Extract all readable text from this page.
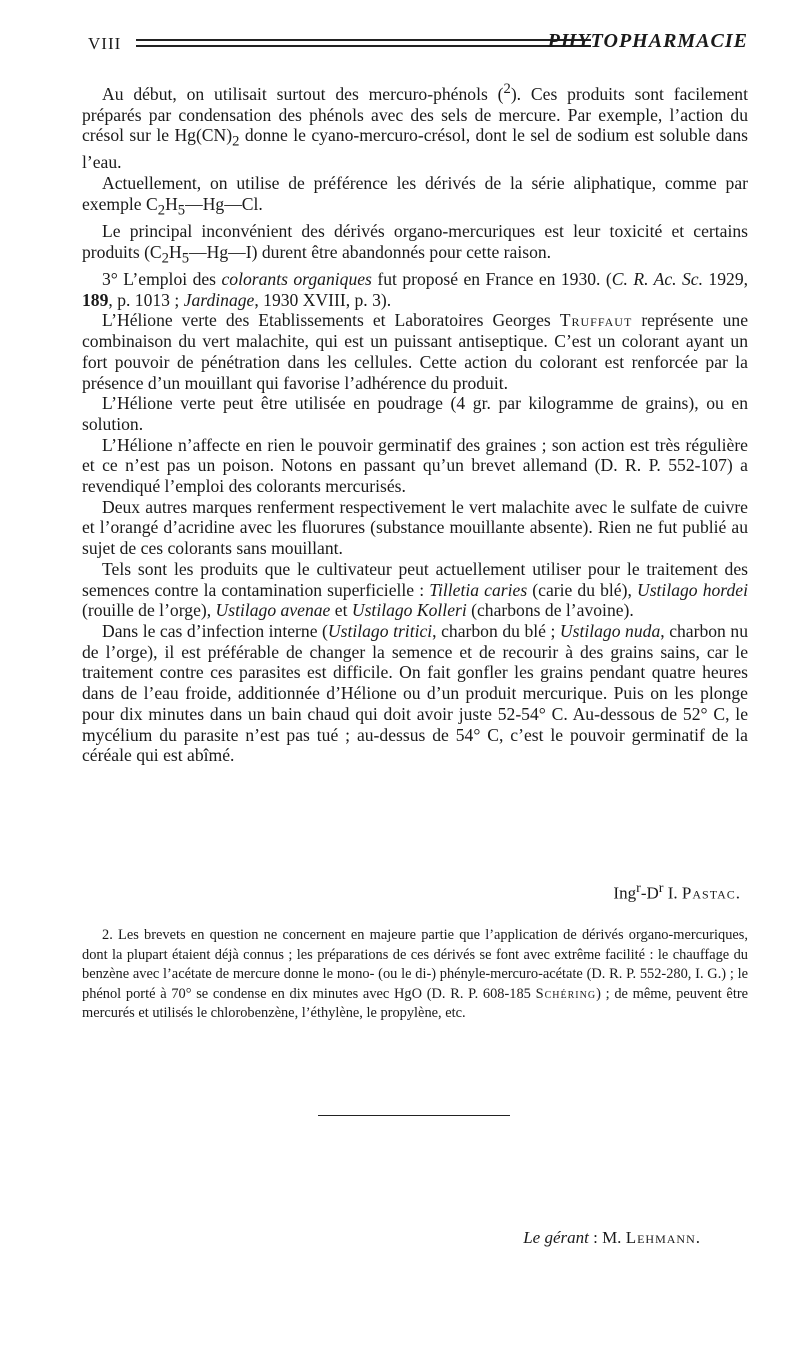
VIII	PHYTOPHARMACIE

Au début, on utilisait surtout des mercuro-phénols ($^2$). Ces produits sont facilement préparés par condensation des phénols avec des sels de mercure. Par exemple, l’action du crésol sur le $Hg(CN)_2$ donne le cyano-mercuro-crésol, dont le sel de sodium est soluble dans l’eau.

Actuellement, on utilise de préférence les dérivés de la série aliphatique, comme par exemple $C_2H_5—Hg—Cl$.

Le principal inconvénient des dérivés organo-mercuriques est leur toxicité et certains produits $(C_2H_5—Hg—I)$ durent être abandonnés pour cette raison.

3° L’emploi des colorants organiques fut proposé en France en 1930. (C. R. Ac. Sc. 1929, 189, p. 1013 ; Jardinage, 1930 XVIII, p. 3).

L’Hélione verte des Etablissements et Laboratoires Georges Truffaut représente une combinaison du vert malachite, qui est un puissant antiseptique. C’est un colorant ayant un fort pouvoir de pénétration dans les cellules. Cette action du colorant est renforcée par la présence d’un mouillant qui favorise l’adhérence du produit.

L’Hélione verte peut être utilisée en poudrage (4 gr. par kilogramme de grains), ou en solution.

L’Hélione n’affecte en rien le pouvoir germinatif des graines ; son action est très régulière et ce n’est pas un poison. Notons en passant qu’un brevet allemand (D. R. P. 552-107) a revendiqué l’emploi des colorants mercurisés.

Deux autres marques renferment respectivement le vert malachite avec le sulfate de cuivre et l’orangé d’acridine avec les fluorures (substance mouillante absente). Rien ne fut publié au sujet de ces colorants sans mouillant.

Tels sont les produits que le cultivateur peut actuellement utiliser pour le traitement des semences contre la contamination superficielle : Tilletia caries (carie du blé), Ustilago hordei (rouille de l’orge), Ustilago avenae et Ustilago Kolleri (charbons de l’avoine).

Dans le cas d’infection interne (Ustilago tritici, charbon du blé ; Ustilago nuda, charbon nu de l’orge), il est préférable de changer la semence et de recourir à des grains sains, car le traitement contre ces parasites est difficile. On fait gonfler les grains pendant quatre heures dans de l’eau froide, additionnée d’Hélione ou d’un produit mercurique. Puis on les plonge pour dix minutes dans un bain chaud qui doit avoir juste 52-54° C. Au-dessous de 52° C, le mycélium du parasite n’est pas tué ; au-dessus de 54° C, c’est le pouvoir germinatif de la céréale qui est abîmé.

$Ing^r-D^r$ I. Pastac.

2. Les brevets en question ne concernent en majeure partie que l’application de dérivés organo-mercuriques, dont la plupart étaient déjà connus ; les préparations de ces dérivés se font avec extrême facilité : le chauffage du benzène avec l’acétate de mercure donne le mono- (ou le di-) phényle-mercuro-acétate (D. R. P. 552-280, I. G.) ; le phénol porté à 70° se condense en dix minutes avec HgO (D. R. P. 608-185 Schéring) ; de même, peuvent être mercurés et utilisés le chlorobenzène, l’éthylène, le propylène, etc.

Le gérant : M. Lehmann.
